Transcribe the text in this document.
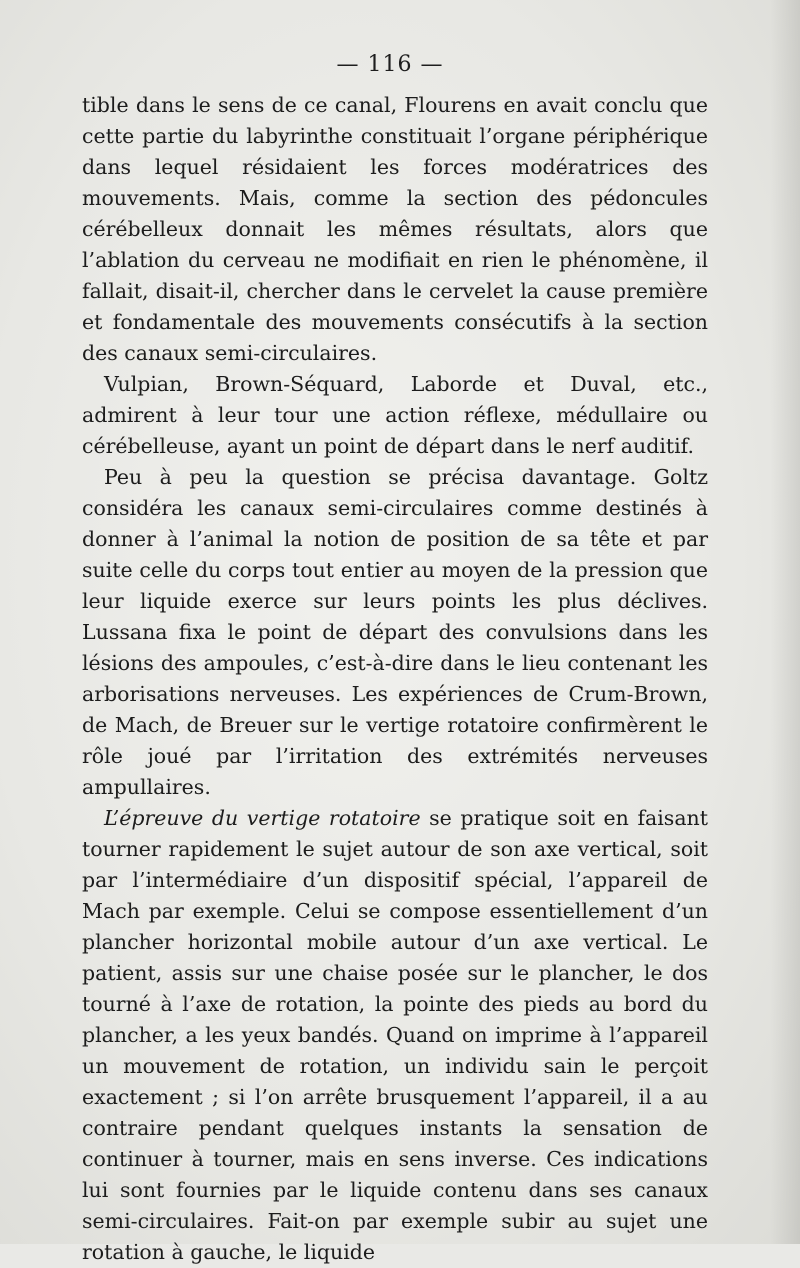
— 116 —

tible dans le sens de ce canal, Flourens en avait conclu que cette partie du labyrinthe constituait l’organe périphérique dans lequel résidaient les forces modératrices des mouvements. Mais, comme la section des pédoncules cérébelleux donnait les mêmes résultats, alors que l’ablation du cerveau ne modifiait en rien le phénomène, il fallait, disait-il, chercher dans le cervelet la cause première et fondamentale des mouvements consécutifs à la section des canaux semi-circulaires.

Vulpian, Brown-Séquard, Laborde et Duval, etc., admirent à leur tour une action réflexe, médullaire ou cérébelleuse, ayant un point de départ dans le nerf auditif.

Peu à peu la question se précisa davantage. Goltz considéra les canaux semi-circulaires comme destinés à donner à l’animal la notion de position de sa tête et par suite celle du corps tout entier au moyen de la pression que leur liquide exerce sur leurs points les plus déclives. Lussana fixa le point de départ des convulsions dans les lésions des ampoules, c’est-à-dire dans le lieu contenant les arborisations nerveuses. Les expériences de Crum-Brown, de Mach, de Breuer sur le vertige rotatoire confirmèrent le rôle joué par l’irritation des extrémités nerveuses ampullaires.

L’épreuve du vertige rotatoire se pratique soit en faisant tourner rapidement le sujet autour de son axe vertical, soit par l’intermédiaire d’un dispositif spécial, l’appareil de Mach par exemple. Celui se compose essentiellement d’un plancher horizontal mobile autour d’un axe vertical. Le patient, assis sur une chaise posée sur le plancher, le dos tourné à l’axe de rotation, la pointe des pieds au bord du plancher, a les yeux bandés. Quand on imprime à l’appareil un mouvement de rotation, un individu sain le perçoit exactement ; si l’on arrête brusquement l’appareil, il a au contraire pendant quelques instants la sensation de continuer à tourner, mais en sens inverse. Ces indications lui sont fournies par le liquide contenu dans ses canaux semi-circulaires. Fait-on par exemple subir au sujet une rotation à gauche, le liquide
